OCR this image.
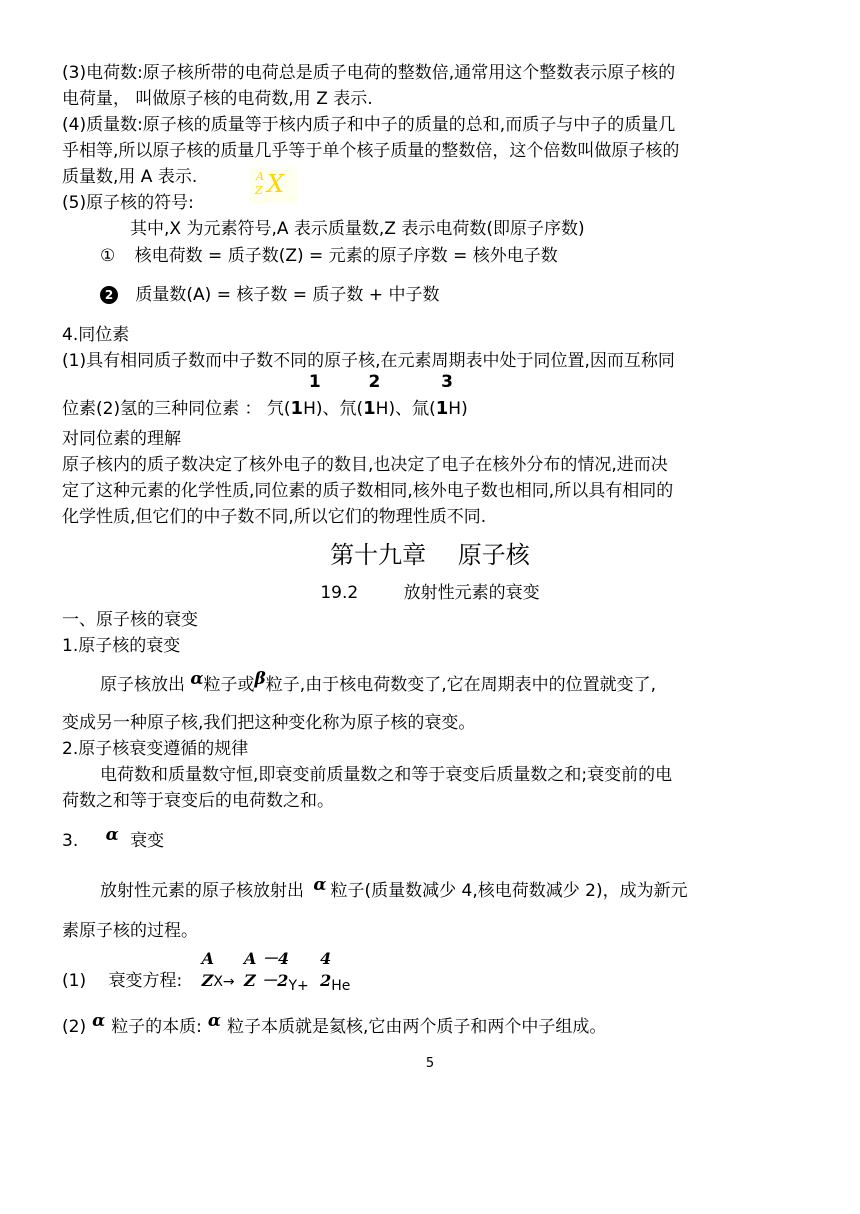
(3)电荷数:原子核所带的电荷总是质子电荷的整数倍,通常用这个整数表示原子核的
电荷量， 叫做原子核的电荷数,用 Z 表示.
(4)质量数:原子核的质量等于核内质子和中子的质量的总和,而质子与中子的质量几
乎相等,所以原子核的质量几乎等于单个核子质量的整数倍，这个倍数叫做原子核的
质量数,用 A 表示.
(5)原子核的符号:
A
Z X
其中,X 为元素符号,A 表示质量数,Z 表示电荷数(即原子序数)
① 核电荷数 = 质子数(Z) = 元素的原子序数 = 核外电子数
2 质量数(A) = 核子数 = 质子数 + 中子数
4.同位素
(1)具有相同质子数而中子数不同的原子核,在元素周期表中处于同位置,因而互称同
位素(2)氢的三种同位素 ： 氕(
1
1H)、氘(
2
1H)、氚(
3
1H)
对同位素的理解
原子核内的质子数决定了核外电子的数目,也决定了电子在核外分布的情况,进而决
定了这种元素的化学性质,同位素的质子数相同,核外电子数也相同,所以具有相同的
化学性质,但它们的中子数不同,所以它们的物理性质不同.
第十九章　 原子核
19.2	放射性元素的衰变
一、原子核的衰变
1.原子核的衰变
原子核放出 α粒子或β粒子,由于核电荷数变了,它在周期表中的位置就变了,
变成另一种原子核,我们把这种变化称为原子核的衰变。
2.原子核衰变遵循的规律
电荷数和质量数守恒,即衰变前质量数之和等于衰变后质量数之和;衰变前的电
荷数之和等于衰变后的电荷数之和。
3. α 衰变
放射性元素的原子核放射出 α 粒子(质量数减少 4,核电荷数减少 2)，成为新元
素原子核的过程。
(1)　 衰变方程:
A
ZX→
A －4
$Z -2_{Y+}$
4
$2_{He}$
(2) α 粒子的本质: α 粒子本质就是氦核,它由两个质子和两个中子组成。
5
